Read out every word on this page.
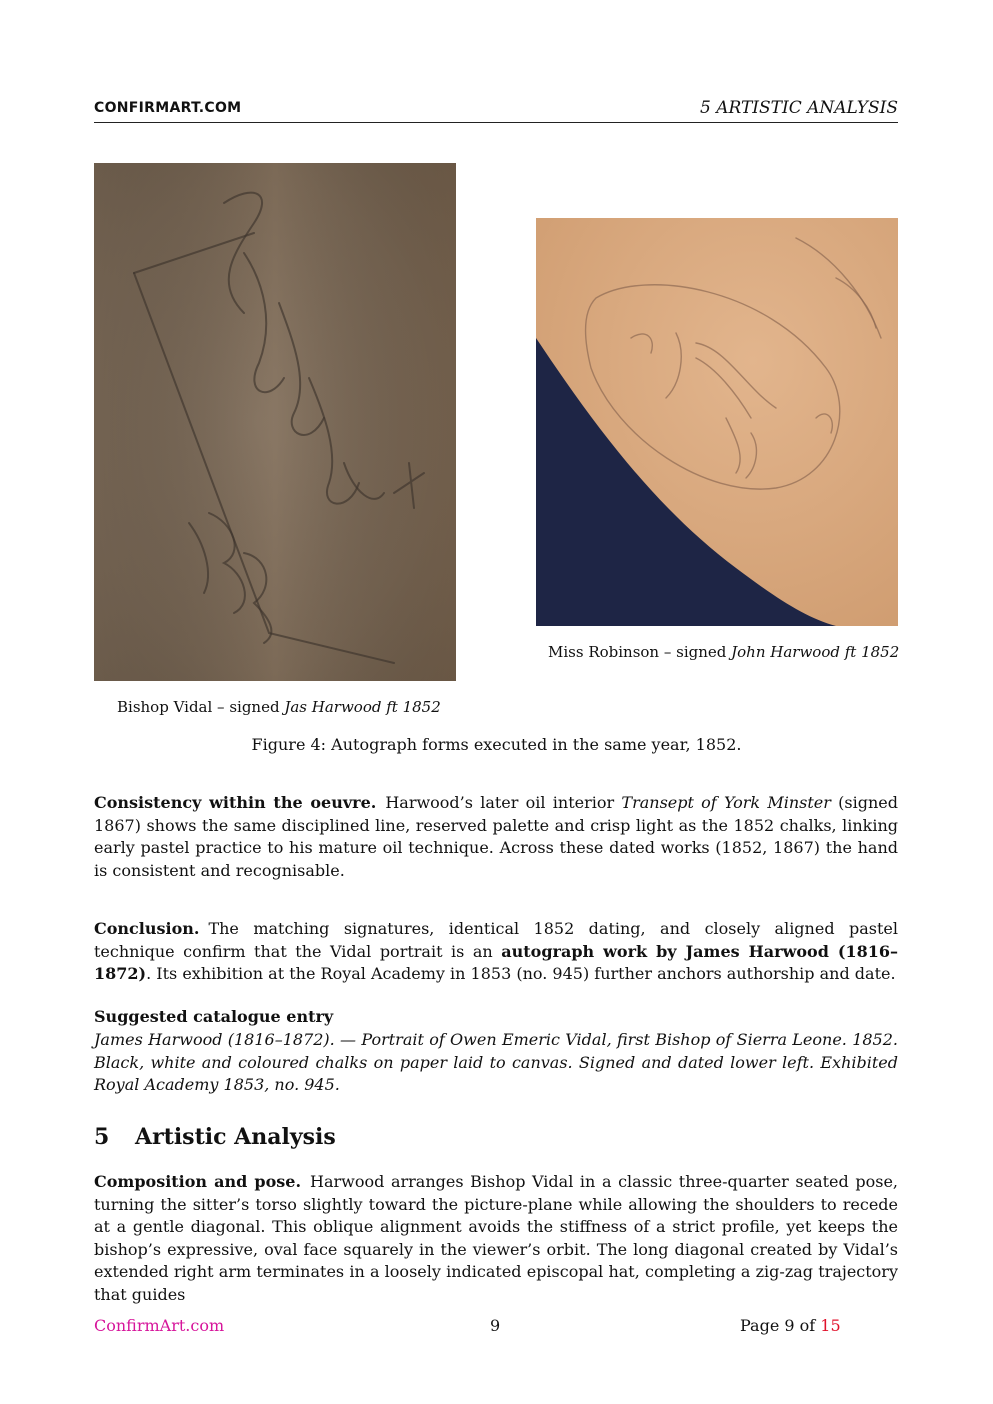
CONFIRMART.COM	5 ARTISTIC ANALYSIS
Bishop Vidal – signed Jas Harwood ft 1852
Miss Robinson – signed John Harwood ft 1852
Figure 4: Autograph forms executed in the same year, 1852.
Consistency within the oeuvre. Harwood’s later oil interior Transept of York Minster (signed 1867) shows the same disciplined line, reserved palette and crisp light as the 1852 chalks, linking early pastel practice to his mature oil technique. Across these dated works (1852, 1867) the hand is consistent and recognisable.
Conclusion. The matching signatures, identical 1852 dating, and closely aligned pastel technique confirm that the Vidal portrait is an autograph work by James Harwood (1816–1872). Its exhibition at the Royal Academy in 1853 (no. 945) further anchors authorship and date.
Suggested catalogue entry
James Harwood (1816–1872). — Portrait of Owen Emeric Vidal, first Bishop of Sierra Leone. 1852. Black, white and coloured chalks on paper laid to canvas. Signed and dated lower left. Exhibited Royal Academy 1853, no. 945.
5 Artistic Analysis
Composition and pose. Harwood arranges Bishop Vidal in a classic three-quarter seated pose, turning the sitter’s torso slightly toward the picture-plane while allowing the shoulders to recede at a gentle diagonal. This oblique alignment avoids the stiffness of a strict profile, yet keeps the bishop’s expressive, oval face squarely in the viewer’s orbit. The long diagonal created by Vidal’s extended right arm terminates in a loosely indicated episcopal hat, completing a zig-zag trajectory that guides
ConfirmArt.com	9	Page 9 of 15
